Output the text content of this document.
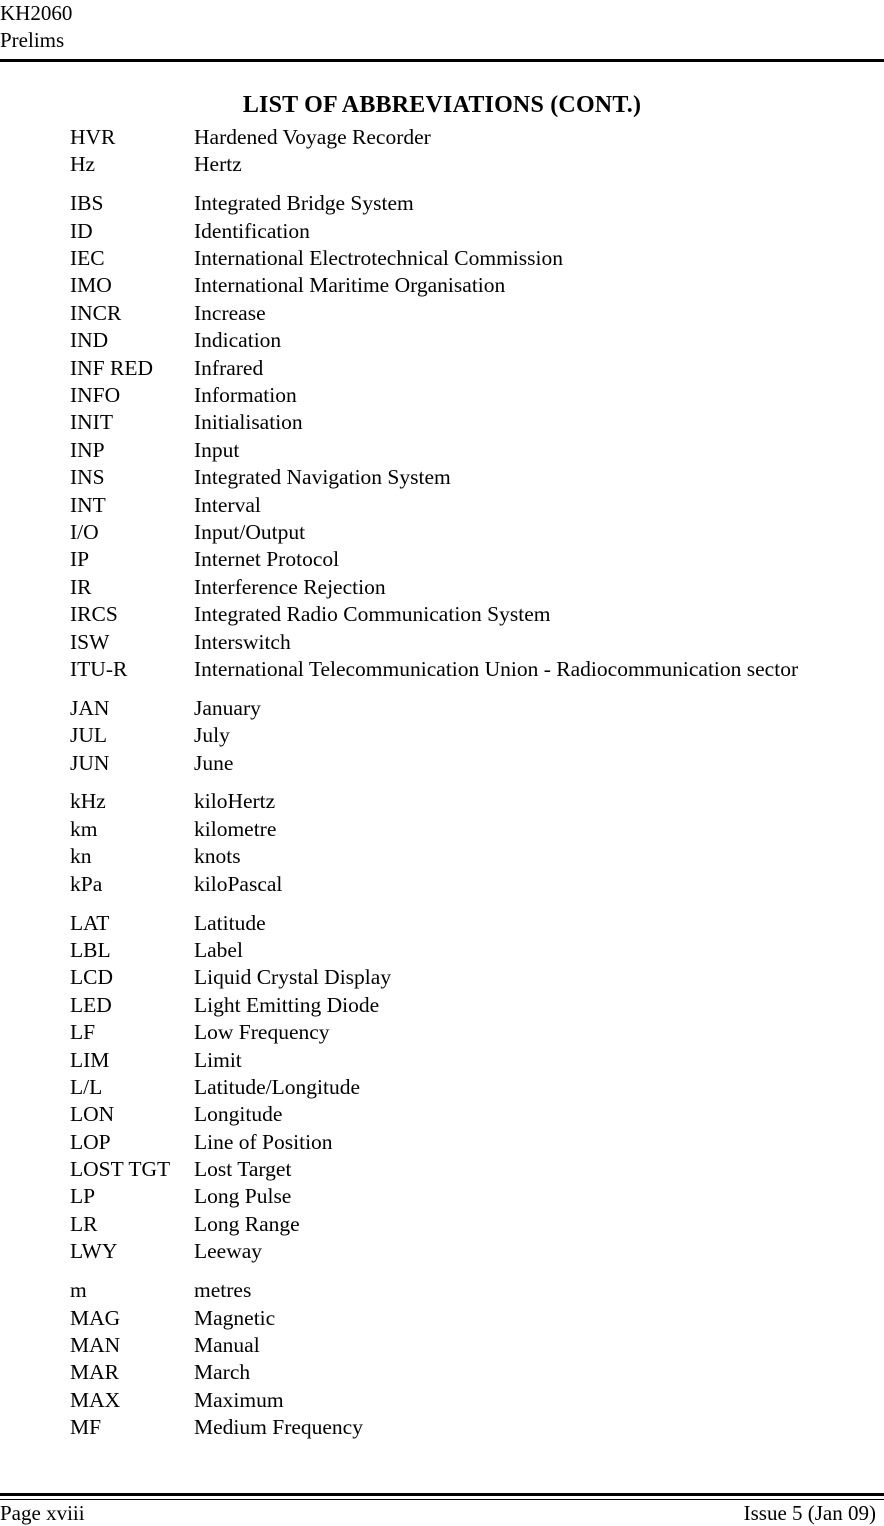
KH2060
Prelims
LIST OF ABBREVIATIONS (CONT.)
HVR	Hardened Voyage Recorder
Hz	Hertz
IBS	Integrated Bridge System
ID	Identification
IEC	International Electrotechnical Commission
IMO	International Maritime Organisation
INCR	Increase
IND	Indication
INF RED	Infrared
INFO	Information
INIT	Initialisation
INP	Input
INS	Integrated Navigation System
INT	Interval
I/O	Input/Output
IP	Internet Protocol
IR	Interference Rejection
IRCS	Integrated Radio Communication System
ISW	Interswitch
ITU-R	International Telecommunication Union - Radiocommunication sector
JAN	January
JUL	July
JUN	June
kHz	kiloHertz
km	kilometre
kn	knots
kPa	kiloPascal
LAT	Latitude
LBL	Label
LCD	Liquid Crystal Display
LED	Light Emitting Diode
LF	Low Frequency
LIM	Limit
L/L	Latitude/Longitude
LON	Longitude
LOP	Line of Position
LOST TGT	Lost Target
LP	Long Pulse
LR	Long Range
LWY	Leeway
m	metres
MAG	Magnetic
MAN	Manual
MAR	March
MAX	Maximum
MF	Medium Frequency
Page xviii	Issue 5 (Jan 09)
